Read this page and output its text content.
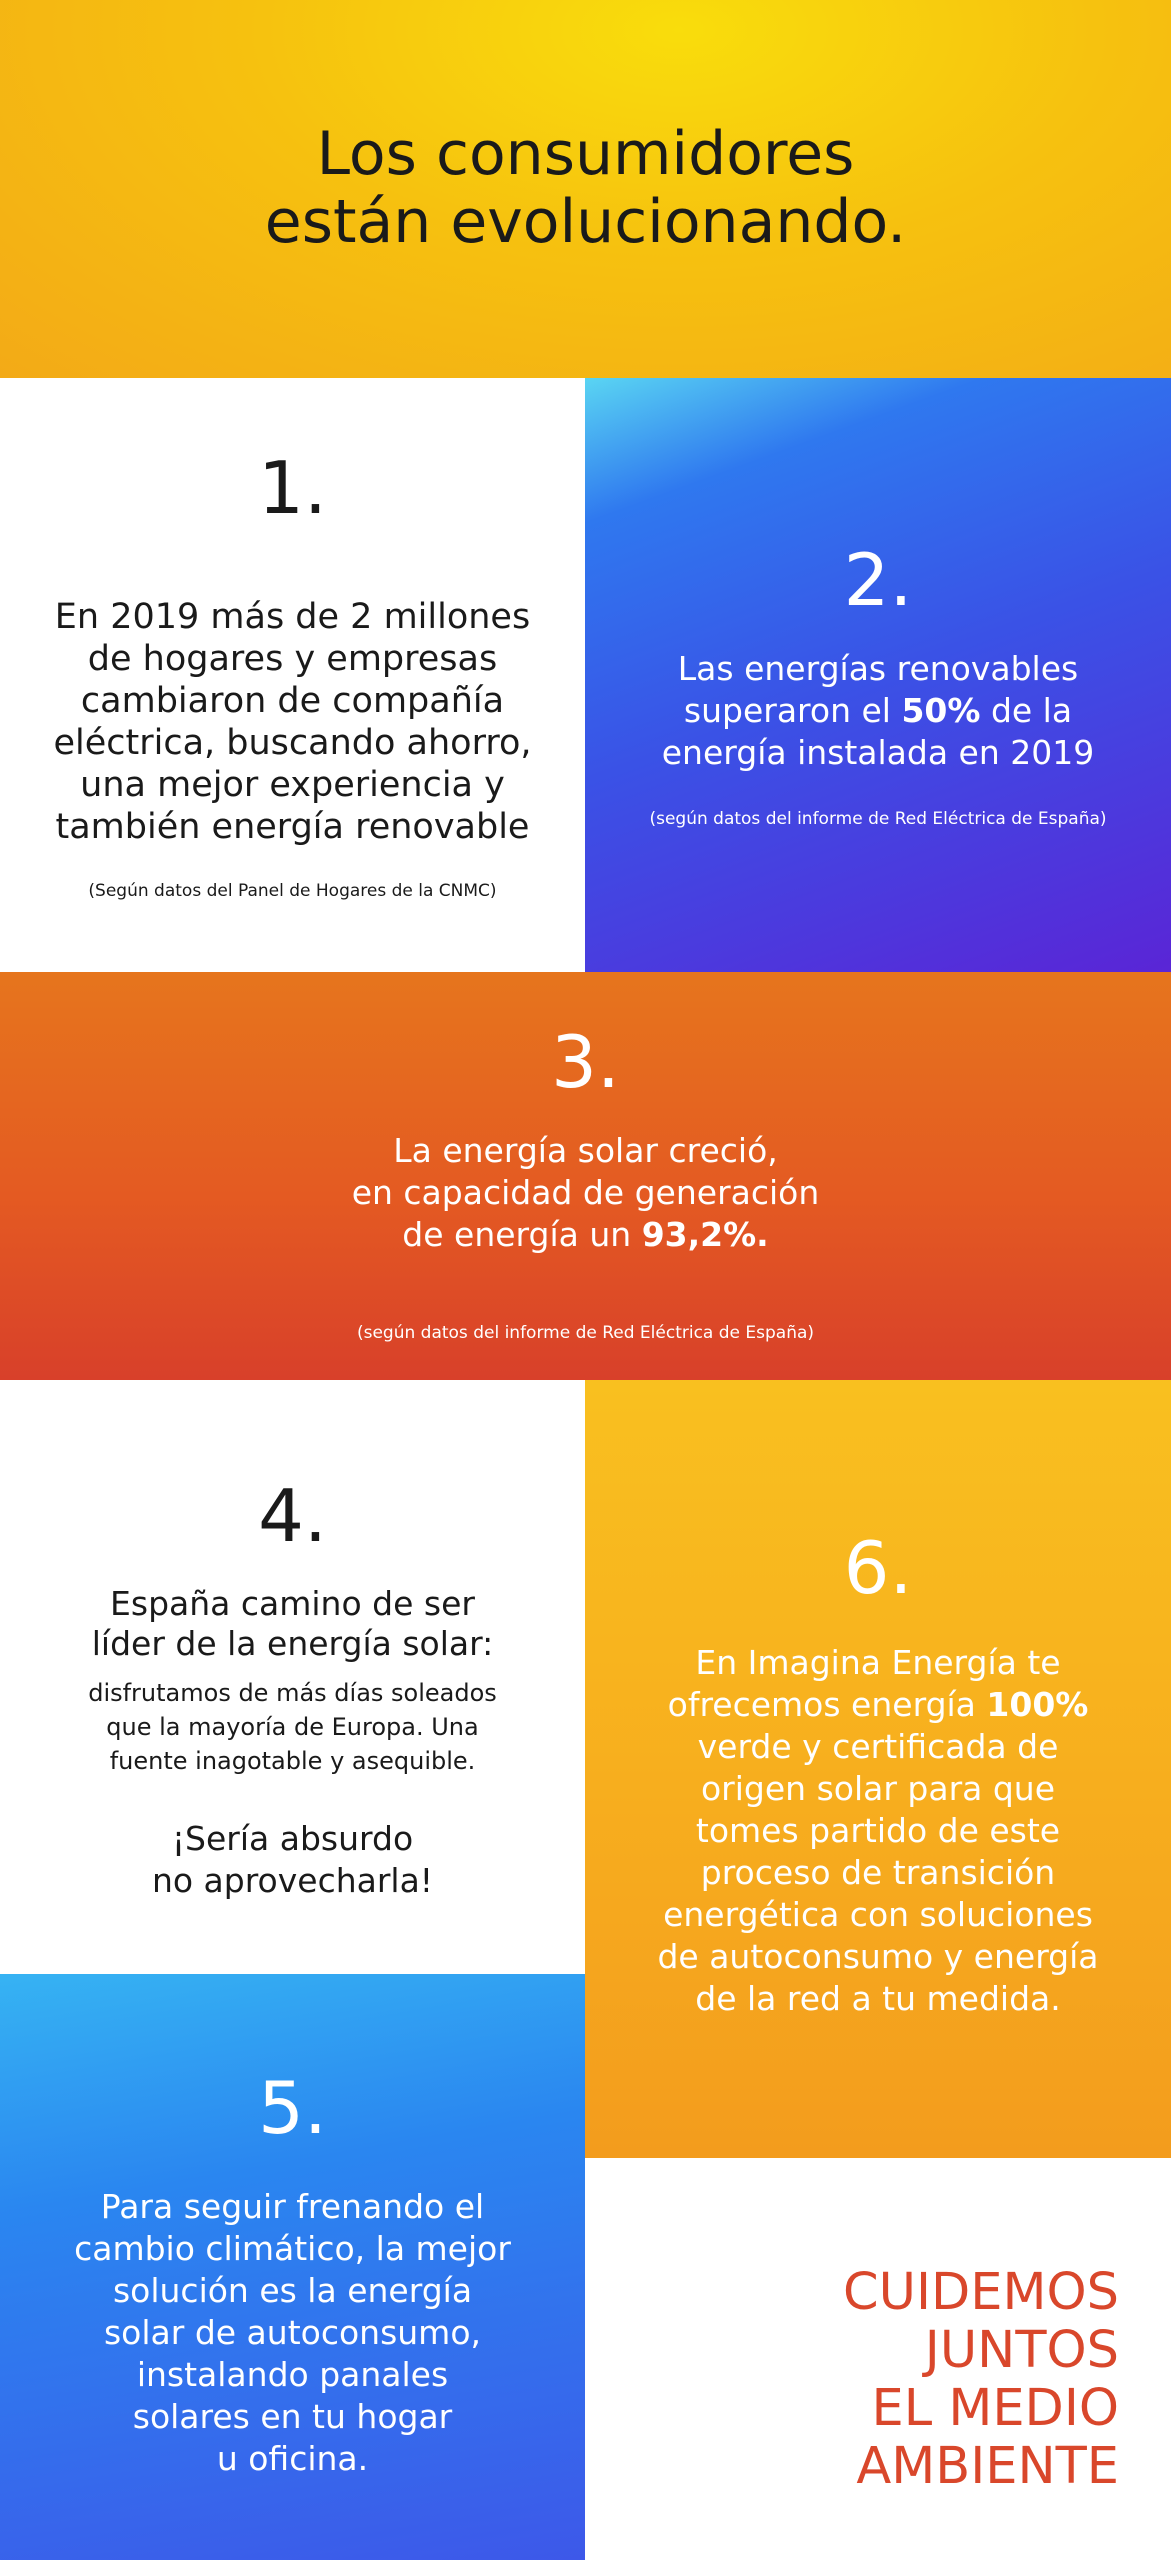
Los consumidores
están evolucionando.
1.
En 2019 más de 2 millones
de hogares y empresas
cambiaron de compañía
eléctrica, buscando ahorro,
una mejor experiencia y
también energía renovable
(Según datos del Panel de Hogares de la CNMC)
2.
Las energías renovables
superaron el 50% de la
energía instalada en 2019
(según datos del informe de Red Eléctrica de España)
3.
La energía solar creció,
en capacidad de generación
de energía un 93,2%.
(según datos del informe de Red Eléctrica de España)
4.
España camino de ser
líder de la energía solar:
disfrutamos de más días soleados
que la mayoría de Europa. Una
fuente inagotable y asequible.
¡Sería absurdo
no aprovecharla!
6.
En Imagina Energía te
ofrecemos energía 100%
verde y certificada de
origen solar para que
tomes partido de este
proceso de transición
energética con soluciones
de autoconsumo y energía
de la red a tu medida.
5.
Para seguir frenando el
cambio climático, la mejor
solución es la energía
solar de autoconsumo,
instalando panales
solares en tu hogar
u oficina.
CUIDEMOS
JUNTOS
EL MEDIO
AMBIENTE
